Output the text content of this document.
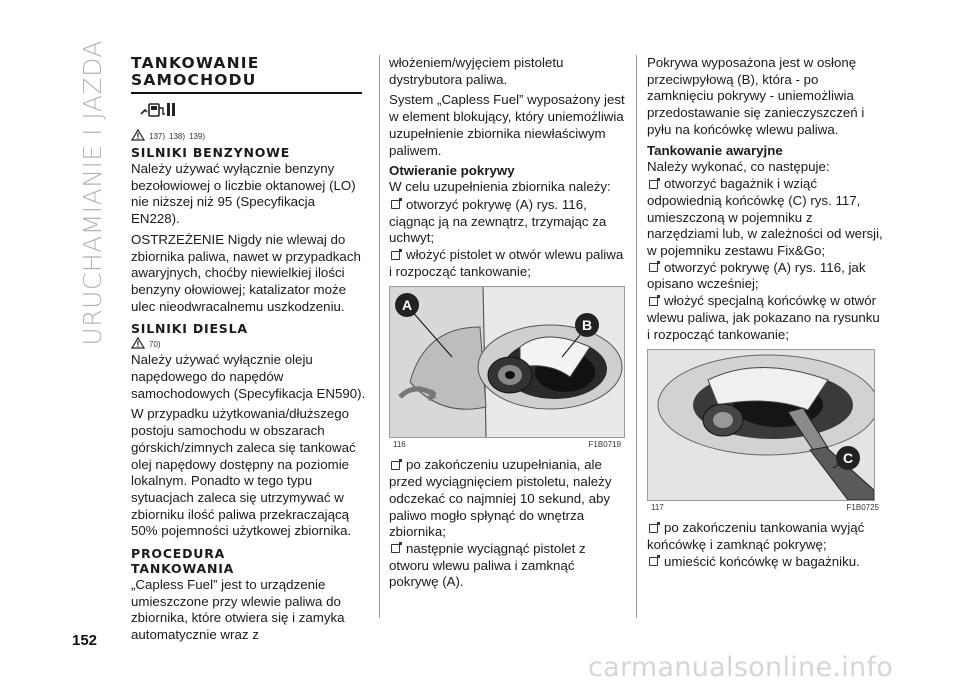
URUCHAMIANIE I JAZDA
152
carmanualsonline.info
TANKOWANIE SAMOCHODU
137) 138) 139)
SILNIKI BENZYNOWE

Należy używać wyłącznie benzyny bezołowiowej o liczbie oktanowej (LO) nie niższej niż 95 (Specyfikacja EN228).

OSTRZEŻENIE Nigdy nie wlewaj do zbiornika paliwa, nawet w przypadkach awaryjnych, choćby niewielkiej ilości benzyny ołowiowej; katalizator może ulec nieodwracalnemu uszkodzeniu.

SILNIKI DIESLA
70)

Należy używać wyłącznie oleju napędowego do napędów samochodowych (Specyfikacja EN590).

W przypadku użytkowania/dłuższego postoju samochodu w obszarach górskich/zimnych zaleca się tankować olej napędowy dostępny na poziomie lokalnym. Ponadto w tego typu sytuacjach zaleca się utrzymywać w zbiorniku ilość paliwa przekraczającą 50% pojemności użytkowej zbiornika.

PROCEDURA TANKOWANIA

„Capless Fuel” jest to urządzenie umieszczone przy wlewie paliwa do zbiornika, które otwiera się i zamyka automatycznie wraz z

włożeniem/wyjęciem pistoletu dystrybutora paliwa.

System „Capless Fuel” wyposażony jest w element blokujący, który uniemożliwia uzupełnienie zbiornika niewłaściwym paliwem.

Otwieranie pokrywy

W celu uzupełnienia zbiornika należy:

otworzyć pokrywę (A) rys. 116, ciągnąc ją na zewnątrz, trzymając za uchwyt;
włożyć pistolet w otwór wlewu paliwa i rozpocząć tankowanie;
A
B
116	F1B0719
po zakończeniu uzupełniania, ale przed wyciągnięciem pistoletu, należy odczekać co najmniej 10 sekund, aby paliwo mogło spłynąć do wnętrza zbiornika;
następnie wyciągnąć pistolet z otworu wlewu paliwa i zamknąć pokrywę (A).

Pokrywa wyposażona jest w osłonę przeciwpyłową (B), która - po zamknięciu pokrywy - uniemożliwia przedostawanie się zanieczyszczeń i pyłu na końcówkę wlewu paliwa.

Tankowanie awaryjne

Należy wykonać, co następuje:

otworzyć bagażnik i wziąć odpowiednią końcówkę (C) rys. 117, umieszczoną w pojemniku z narzędziami lub, w zależności od wersji, w pojemniku zestawu Fix&Go;
otworzyć pokrywę (A) rys. 116, jak opisano wcześniej;
włożyć specjalną końcówkę w otwór wlewu paliwa, jak pokazano na rysunku i rozpocząć tankowanie;
C
117	F1B0725
po zakończeniu tankowania wyjąć końcówkę i zamknąć pokrywę;
umieścić końcówkę w bagażniku.
